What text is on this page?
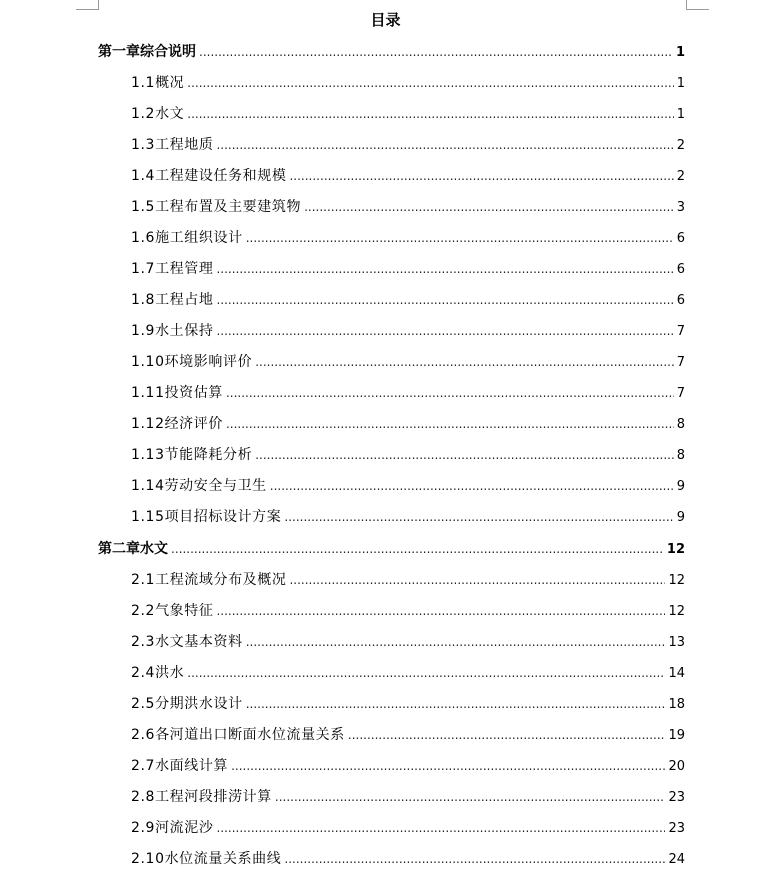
目录
第一章综合说明 .....	1
1.1 概况 .....	1
1.2 水文 .....	1
1.3 工程地质 .....	2
1.4 工程建设任务和规模 .....	2
1.5 工程布置及主要建筑物 .....	3
1.6 施工组织设计 .....	6
1.7 工程管理 .....	6
1.8 工程占地 .....	6
1.9 水土保持 .....	7
1.10 环境影响评价 .....	7
1.11 投资估算 .....	7
1.12 经济评价 .....	8
1.13 节能降耗分析 .....	8
1.14 劳动安全与卫生 .....	9
1.15 项目招标设计方案 .....	9
第二章水文 .....	12
2.1 工程流域分布及概况 .....	12
2.2 气象特征 .....	12
2.3 水文基本资料 .....	13
2.4 洪水 .....	14
2.5 分期洪水设计 .....	18
2.6 各河道出口断面水位流量关系 .....	19
2.7 水面线计算 .....	20
2.8 工程河段排涝计算 .....	23
2.9 河流泥沙 .....	23
2.10 水位流量关系曲线 .....	24
